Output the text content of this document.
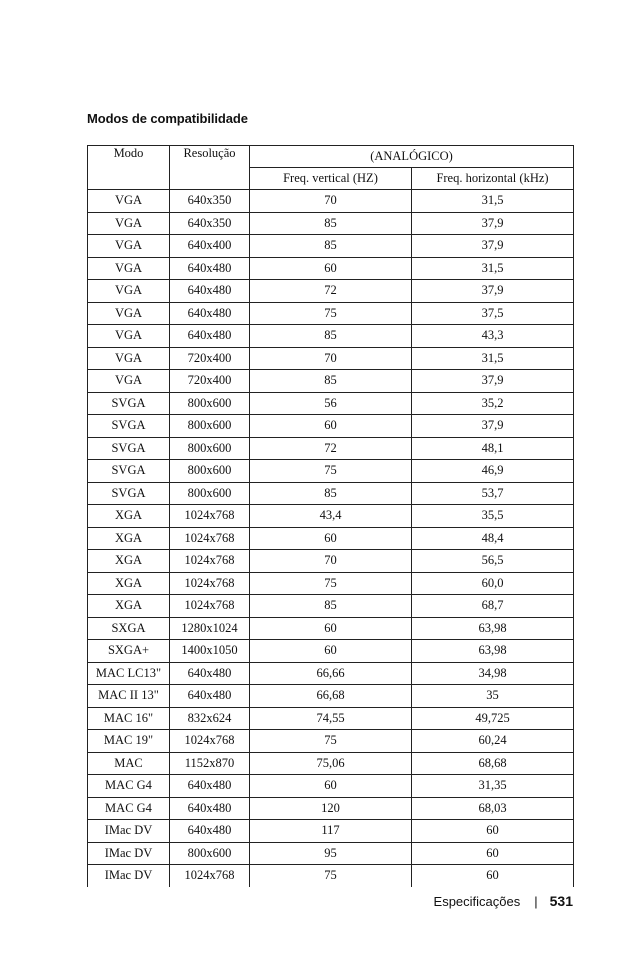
Modos de compatibilidade
Modo	Resolução	(ANALÓGICO)	
		Freq. vertical (HZ)	Freq. horizontal (kHz)
VGA	640x350	70	31,5
VGA	640x350	85	37,9
VGA	640x400	85	37,9
VGA	640x480	60	31,5
VGA	640x480	72	37,9
VGA	640x480	75	37,5
VGA	640x480	85	43,3
VGA	720x400	70	31,5
VGA	720x400	85	37,9
SVGA	800x600	56	35,2
SVGA	800x600	60	37,9
SVGA	800x600	72	48,1
SVGA	800x600	75	46,9
SVGA	800x600	85	53,7
XGA	1024x768	43,4	35,5
XGA	1024x768	60	48,4
XGA	1024x768	70	56,5
XGA	1024x768	75	60,0
XGA	1024x768	85	68,7
SXGA	1280x1024	60	63,98
SXGA+	1400x1050	60	63,98
MAC LC13"	640x480	66,66	34,98
MAC II 13"	640x480	66,68	35
MAC 16"	832x624	74,55	49,725
MAC 19"	1024x768	75	60,24
MAC	1152x870	75,06	68,68
MAC G4	640x480	60	31,35
MAC G4	640x480	120	68,03
IMac DV	640x480	117	60
IMac DV	800x600	95	60
IMac DV	1024x768	75	60
Especificações | 531
